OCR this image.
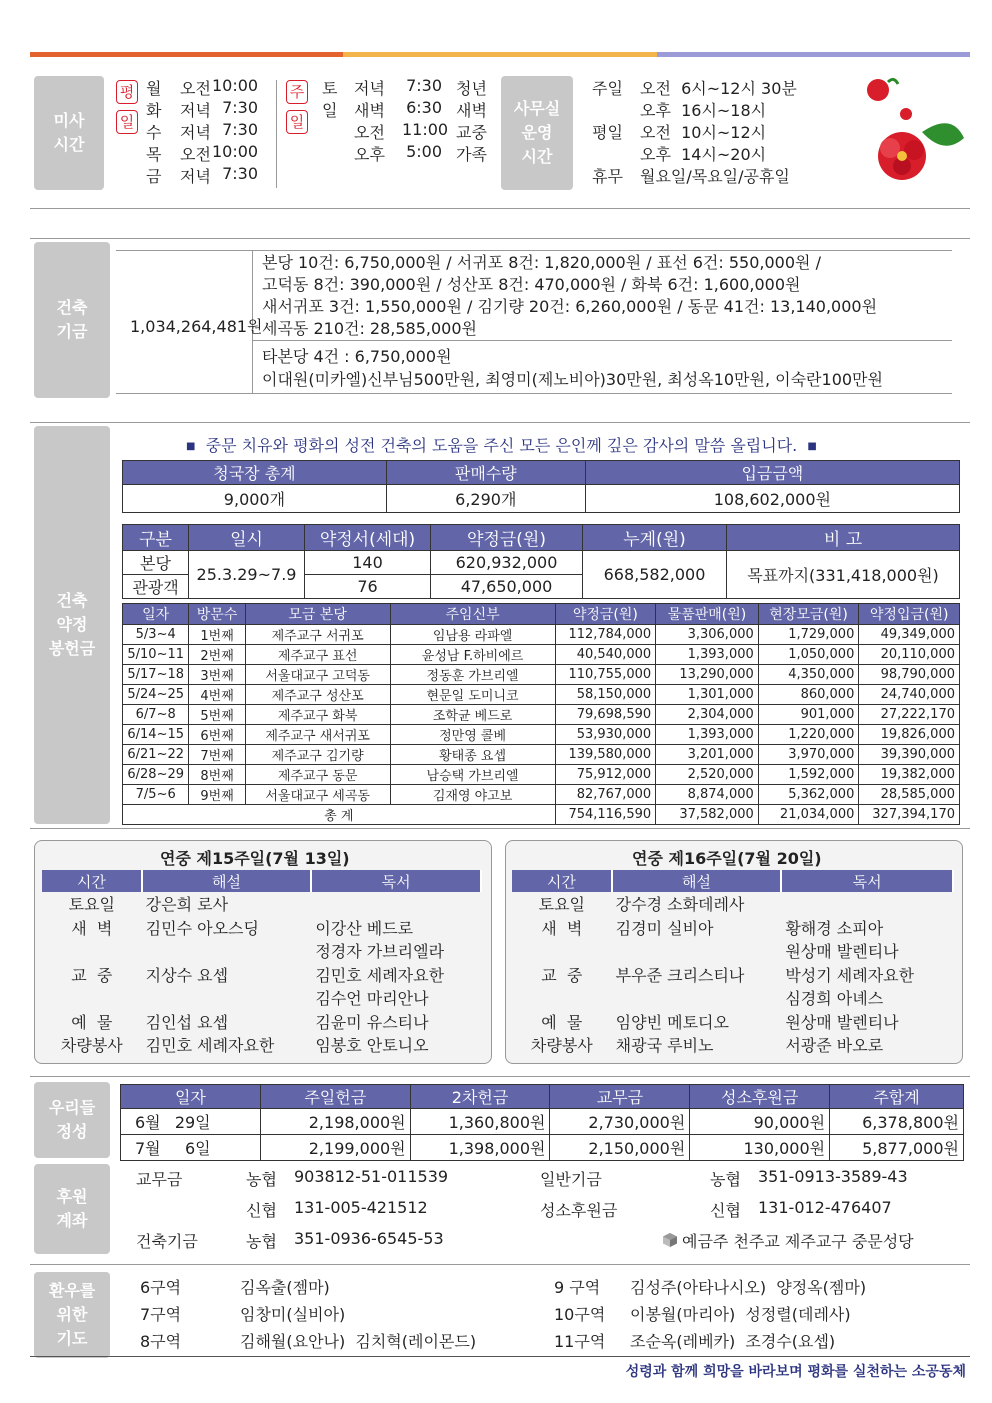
미사
시간
평
일
월 오전 10:00
화 저녁 7:30
수 저녁 7:30
목 오전 10:00
금 저녁 7:30
주
일
토 저녁 7:30 청년
일 새벽 6:30 새벽
오전 11:00 교중
오후 5:00 가족
사무실
운영
시간
주일 오전  6시~12시 30분
오후  16시~18시
평일 오전  10시~12시
오후  14시~20시
휴무 월요일/목요일/공휴일
건축
기금	1,034,264,481원
본당 10건: 6,750,000원 / 서귀포 8건: 1,820,000원 / 표선 6건: 550,000원 /
고덕동 8건: 390,000원 / 성산포 8건: 470,000원 / 화북 6건: 1,600,000원
새서귀포 3건: 1,550,000원 / 김기량 20건: 6,260,000원 / 동문 41건: 13,140,000원
세곡동 210건: 28,585,000원
타본당 4건 : 6,750,000원
이대원(미카엘)신부님500만원, 최영미(제노비아)30만원, 최성옥10만원, 이숙란100만원
건축
약정
봉헌금
■ 중문 치유와 평화의 성전 건축의 도움을 주신 모든 은인께 깊은 감사의 말씀 올립니다. ■
청국장 총계	판매수량	입금금액
9,000개	6,290개	108,602,000원
구분	일시	약정서(세대)	약정금(원)	누계(원)	비 고
본당	25.3.29~7.9	140	620,932,000	668,582,000	목표까지(331,418,000원)
관광객		76	47,650,000		
일자	방문수	모금 본당	주임신부	약정금(원)	물품판매(원)	현장모금(원)	약정입금(원)
5/3~4	1번째	제주교구 서귀포	임남용 라파엘	112,784,000	3,306,000	1,729,000	49,349,000
5/10~11	2번째	제주교구 표선	윤성남 F.하비에르	40,540,000	1,393,000	1,050,000	20,110,000
5/17~18	3번째	서울대교구 고덕동	정동훈 가브리엘	110,755,000	13,290,000	4,350,000	98,790,000
5/24~25	4번째	제주교구 성산포	현문일 도미니코	58,150,000	1,301,000	860,000	24,740,000
6/7~8	5번째	제주교구 화북	조학균 베드로	79,698,590	2,304,000	901,000	27,222,170
6/14~15	6번째	제주교구 새서귀포	정만영 콜베	53,930,000	1,393,000	1,220,000	19,826,000
6/21~22	7번째	제주교구 김기량	황태종 요셉	139,580,000	3,201,000	3,970,000	39,390,000
6/28~29	8번째	제주교구 동문	남승택 가브리엘	75,912,000	2,520,000	1,592,000	19,382,000
7/5~6	9번째	서울대교구 세곡동	김재영 야고보	82,767,000	8,874,000	5,362,000	28,585,000
총 계				754,116,590	37,582,000	21,034,000	327,394,170
연중 제15주일(7월 13일)	연중 제16주일(7월 20일)
시간	해설	독서
토요일	강은희 로사	
새  벽	김민수 아오스딩	이강산 베드로
		정경자 가브리엘라
교  중	지상수 요셉	김민호 세례자요한
		김수언 마리안나
예  물	김인섭 요셉	김윤미 유스티나
차량봉사	김민호 세례자요한	임봉호 안토니오
시간	해설	독서
토요일	강수경 소화데레사	
새  벽	김경미 실비아	황해경 소피아
		원상매 발렌티나
교  중	부우준 크리스티나	박성기 세례자요한
		심경희 아녜스
예  물	임양빈 메토디오	원상매 발렌티나
차량봉사	채광국 루비노	서광준 바오로
우리들
정성
일자	주일헌금	2차헌금	교무금	성소후원금	주합계
6월 29일	2,198,000원	1,360,800원	2,730,000원	90,000원	6,378,800원
7월 6일	2,199,000원	1,398,000원	2,150,000원	130,000원	5,877,000원
후원
계좌
교무금	농협 903812-51-011539
신협 131-005-421512
건축기금	농협 351-0936-6545-53
일반기금	농협 351-0913-3589-43
성소후원금	신협 131-012-476407
예금주 천주교 제주교구 중문성당
환우를
위한
기도
6구역	김옥출(젬마)
7구역	임창미(실비아)
8구역	김해월(요안나)  김치혁(레이몬드)
9 구역 김성주(아타나시오)  양정옥(젬마)
10구역 이봉월(마리아)  성정렬(데레사)
11구역 조순옥(레베카)  조경수(요셉)
성령과 함께 희망을 바라보며 평화를 실천하는 소공동체
